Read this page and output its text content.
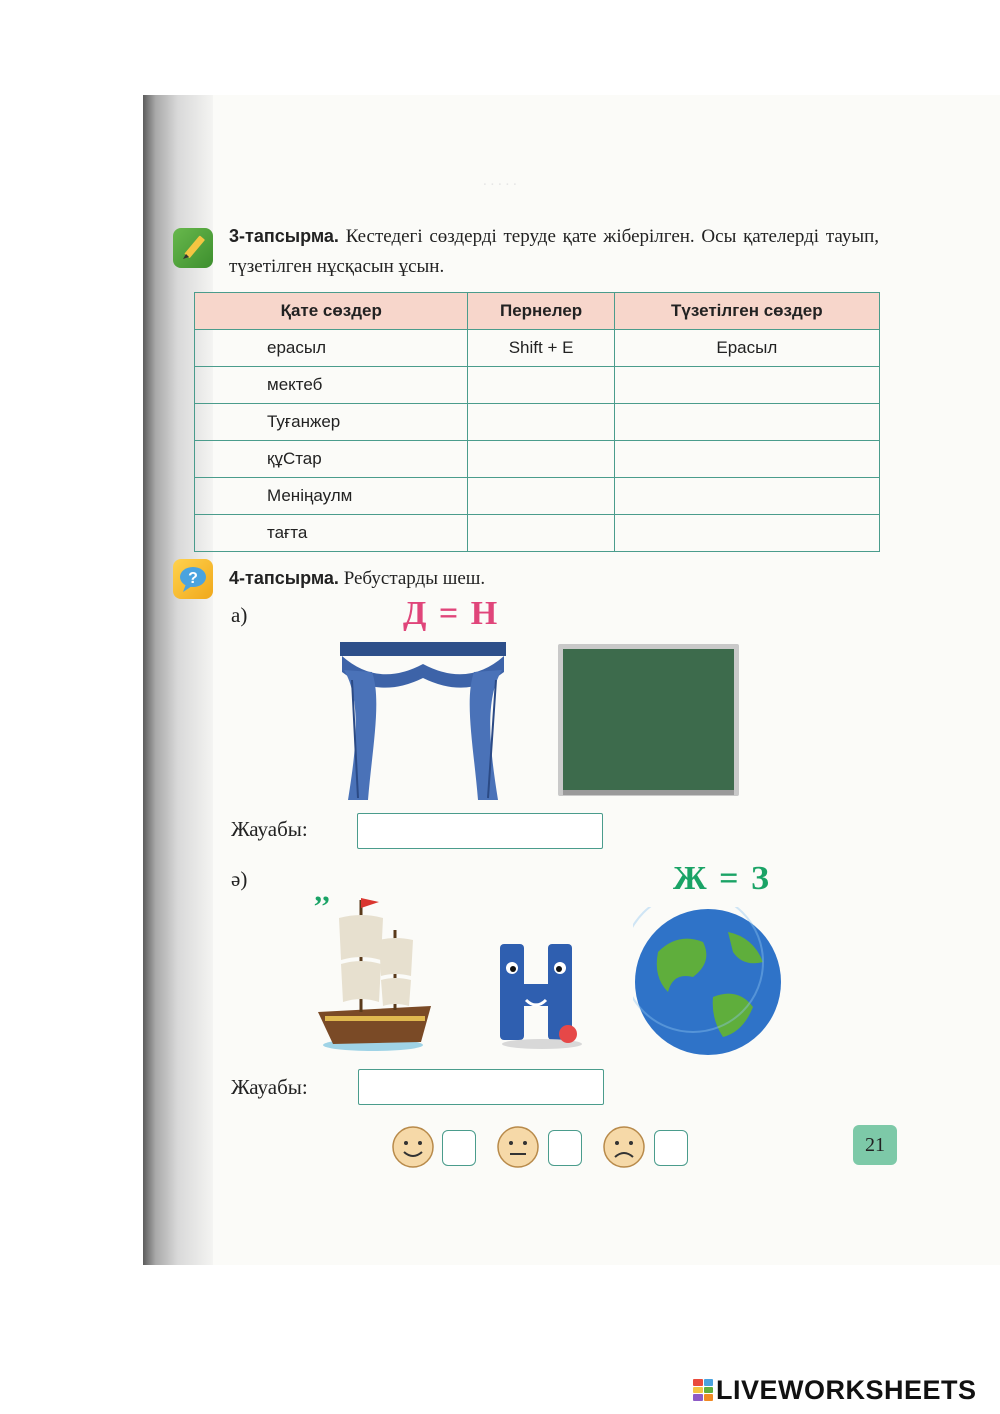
. . . . .
3-тапсырма. Кестедегі сөздерді теруде қате жіберілген. Осы қателерді тауып, түзетілген нұсқасын ұсын.
Қате сөздер	Пернелер	Түзетілген сөздер
ерасыл	Shift + E	Ерасыл
мектеб		
Туғанжер		
құСтар		
Меніңаулм		
тағта		
? 4-тапсырма. Ребустарды шеш.
а)	Д = Н
Жауабы:
ә)	Ж = З
’’
Жауабы:
21
LIVEWORKSHEETS
